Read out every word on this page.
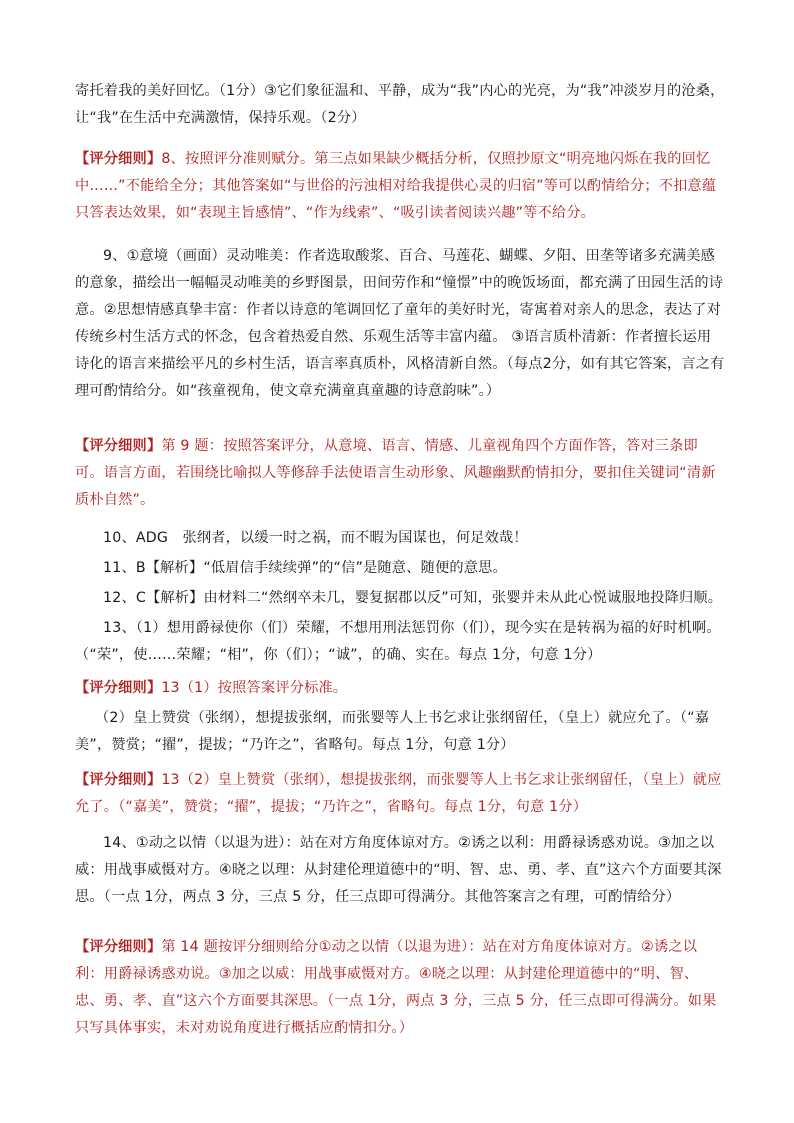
寄托着我的美好回忆。（1分）③它们象征温和、平静，成为“我”内心的光亮，为“我”冲淡岁月的沧桑，让“我”在生活中充满激情，保持乐观。（2分）

【评分细则】8、按照评分准则赋分。第三点如果缺少概括分析，仅照抄原文“明亮地闪烁在我的回忆中……”不能给全分；其他答案如“与世俗的污浊相对给我提供心灵的归宿”等可以酌情给分；不扣意蕴只答表达效果，如“表现主旨感情”、“作为线索”、“吸引读者阅读兴趣”等不给分。

9、①意境（画面）灵动唯美：作者选取酸浆、百合、马莲花、蝴蝶、夕阳、田垄等诸多充满美感的意象，描绘出一幅幅灵动唯美的乡野图景，田间劳作和“憧憬”中的晚饭场面，都充满了田园生活的诗意。②思想情感真挚丰富：作者以诗意的笔调回忆了童年的美好时光，寄寓着对亲人的思念，表达了对传统乡村生活方式的怀念，包含着热爱自然、乐观生活等丰富内蕴。 ③语言质朴清新：作者擅长运用诗化的语言来描绘平凡的乡村生活，语言率真质朴，风格清新自然。（每点2分，如有其它答案，言之有理可酌情给分。如“孩童视角，使文章充满童真童趣的诗意韵味”。）

【评分细则】第 9 题：按照答案评分，从意境、语言、情感、儿童视角四个方面作答，答对三条即可。语言方面，若围绕比喻拟人等修辞手法使语言生动形象、风趣幽默酌情扣分，要扣住关键词“清新质朴自然”。

10、ADG　张纲者，以缓一时之祸，而不暇为国谋也，何足效哉！

11、B【解析】“低眉信手续续弹”的“信”是随意、随便的意思。

12、C【解析】由材料二“然纲卒未几，婴复据郡以反”可知，张婴并未从此心悦诚服地投降归顺。

13、（1）想用爵禄使你（们）荣耀，不想用刑法惩罚你（们），现今实在是转祸为福的好时机啊。（“荣”，使……荣耀；“相”，你（们）；“诚”，的确、实在。每点 1分，句意 1分）

【评分细则】13（1）按照答案评分标准。

（2）皇上赞赏（张纲），想提拔张纲，而张婴等人上书乞求让张纲留任，（皇上）就应允了。（“嘉美”，赞赏；“擢”，提拔；“乃许之”，省略句。每点 1分，句意 1分）

【评分细则】13（2）皇上赞赏（张纲），想提拔张纲，而张婴等人上书乞求让张纲留任，（皇上）就应允了。（“嘉美”，赞赏；“擢”，提拔；“乃许之”，省略句。每点 1分，句意 1分）

14、①动之以情（以退为进）：站在对方角度体谅对方。②诱之以利：用爵禄诱惑劝说。③加之以威：用战事威慑对方。④晓之以理：从封建伦理道德中的“明、智、忠、勇、孝、直”这六个方面要其深思。（一点 1分，两点 3 分，三点 5 分，任三点即可得满分。其他答案言之有理，可酌情给分）

【评分细则】第 14 题按评分细则给分①动之以情（以退为进）：站在对方角度体谅对方。②诱之以利：用爵禄诱惑劝说。③加之以威：用战事威慑对方。④晓之以理：从封建伦理道德中的“明、智、忠、勇、孝、直”这六个方面要其深思。（一点 1分，两点 3 分，三点 5 分，任三点即可得满分。如果只写具体事实，未对劝说角度进行概括应酌情扣分。）
